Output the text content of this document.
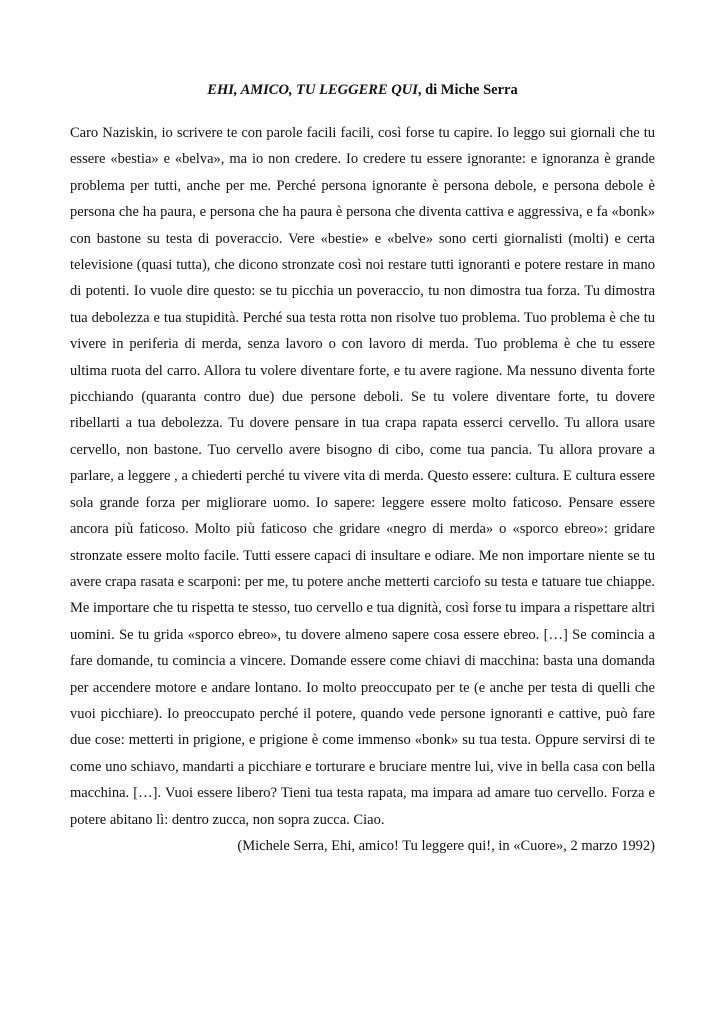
EHI, AMICO, TU LEGGERE QUI, di Miche Serra

Caro Naziskin, io scrivere te con parole facili facili, così forse tu capire. Io leggo sui giornali che tu essere «bestia» e «belva», ma io non credere. Io credere tu essere ignorante: e ignoranza è grande problema per tutti, anche per me. Perché persona ignorante è persona debole, e persona debole è persona che ha paura, e persona che ha paura è persona che diventa cattiva e aggressiva, e fa «bonk» con bastone su testa di poveraccio. Vere «bestie» e «belve» sono certi giornalisti (molti) e certa televisione (quasi tutta), che dicono stronzate così noi restare tutti ignoranti e potere restare in mano di potenti. Io vuole dire questo: se tu picchia un poveraccio, tu non dimostra tua forza. Tu dimostra tua debolezza e tua stupidità. Perché sua testa rotta non risolve tuo problema. Tuo problema è che tu vivere in periferia di merda, senza lavoro o con lavoro di merda. Tuo problema è che tu essere ultima ruota del carro. Allora tu volere diventare forte, e tu avere ragione. Ma nessuno diventa forte picchiando (quaranta contro due) due persone deboli. Se tu volere diventare forte, tu dovere ribellarti a tua debolezza. Tu dovere pensare in tua crapa rapata esserci cervello. Tu allora usare cervello, non bastone. Tuo cervello avere bisogno di cibo, come tua pancia. Tu allora provare a parlare, a leggere , a chiederti perché tu vivere vita di merda. Questo essere: cultura. E cultura essere sola grande forza per migliorare uomo. Io sapere: leggere essere molto faticoso. Pensare essere ancora più faticoso. Molto più faticoso che gridare «negro di merda» o «sporco ebreo»: gridare stronzate essere molto facile. Tutti essere capaci di insultare e odiare. Me non importare niente se tu avere crapa rasata e scarponi: per me, tu potere anche metterti carciofo su testa e tatuare tue chiappe. Me importare che tu rispetta te stesso, tuo cervello e tua dignità, così forse tu impara a rispettare altri uomini. Se tu grida «sporco ebreo», tu dovere almeno sapere cosa essere ebreo. […] Se comincia a fare domande, tu comincia a vincere. Domande essere come chiavi di macchina: basta una domanda per accendere motore e andare lontano. Io molto preoccupato per te (e anche per testa di quelli che vuoi picchiare). Io preoccupato perché il potere, quando vede persone ignoranti e cattive, può fare due cose: metterti in prigione, e prigione è come immenso «bonk» su tua testa. Oppure servirsi di te come uno schiavo, mandarti a picchiare e torturare e bruciare mentre lui, vive in bella casa con bella macchina. […]. Vuoi essere libero? Tieni tua testa rapata, ma impara ad amare tuo cervello. Forza e potere abitano lì: dentro zucca, non sopra zucca. Ciao.

(Michele Serra, Ehi, amico! Tu leggere qui!, in «Cuore», 2 marzo 1992)
